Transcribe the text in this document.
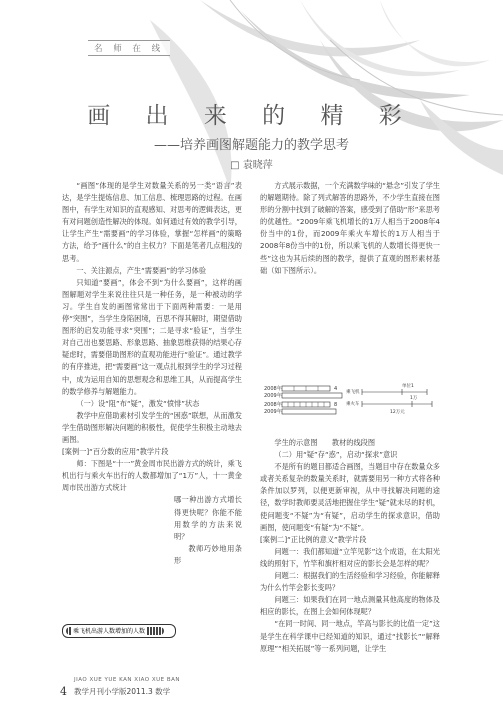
名 师 在 线
画 出 来 的 精 彩
——培养画图解题能力的教学思考
□ 袁晓萍

“画图”体现的是学生对数量关系的另一类“语言”表达，是学生提炼信息、加工信息、梳理思路的过程。在画图中，有学生对知识的直观感知、对思考的逻辑表达，更有对问题创造性解决的体现。如何通过有效的教学引导，让学生产生“需要画”的学习体验，掌握“怎样画”的策略方法，给予“画什么”的自主权力？下面是笔者几点粗浅的思考。

一、关注源点，产生“需要画”的学习体验

只知道“要画”，体会不到“为什么要画”，这样的画图解题对学生来说往往只是一种任务，是一种被动的学习。学生自发的画图常常出于下面两种需要：一是用停“突围”，当学生身陷困境，百思不得其解时，期望借助图形的启发功能寻求“突围”；二是寻求“验证”，当学生对自己出也要思路、形象思路、抽象思维获得的结果心存疑虑时，需要借助图形的直观功能进行“验证”。通过教学的有序推进，把“需要画”这一观点扎根到学生的学习过程中，成为运用自知的思想观念和思维工具，从而提高学生的数学修养与解题能力。

（一）设“阻”布“疑”，激发“愤悱”状态

教学中应借助素材引发学生的“困惑”联想，从而激发学生借助图形解决问题的积极性，促使学生积极主动地去画图。

[案例一]“百分数的应用”教学片段

师：下图是“十一”黄金周市民出游方式的统计，乘飞机出行与乘火车出行的人数都增加了“1万”人，十一黄金周市民出游方式统计

哪一种出游方式增长得更快呢？你能不能用数学的方法来说明？

教师巧妙地用条形

乘飞机出游人数增加的人数

方式展示数据，一个充满数学味的“悬念”引发了学生的解题期待。除了列式解答的思路外，不少学生直接在图形的分割中找到了破解的答案，感受到了借助“形”来思考的优越性。“2009年乘飞机增长的1万人相当于2008年4份当中的1份，而2009年乘火车增长的1万人相当于2008年8份当中的1份，所以乘飞机的人数增长得更快一些”这也为其后续的图的教学，提供了直观的图形素材基础（如下图所示）。

2008年
2009年
2008年
2009年
4
8
乘飞机
乘火车
单位1
1万
12万元

学生的示意图　　教材的线段图

（二）用“疑”存“惑”，启动“探求”意识

不是所有的题目都适合画图，当题目中存在数量众多或者关系复杂的数量关系时，就需要用另一种方式将各种条件加以罗列，以便更新审视，从中寻找解决问题的途径，数学时教师要灵活地把握住学生“疑”就未尽的时机，使问题变“不疑”为“有疑”，启动学生的探求意识，借助画图，使问题变“有疑”为“不疑”。

[案例二]“正比例的意义”教学片段

问题一：我们都知道“立竿见影”这个成语，在太阳光线的照射下，竹竿和旗杆相对应的影长会是怎样的呢？

问题二：根据我们的生活经验和学习经验，你能解释为什么竹竿会影长变吗？

问题三：如果我们在同一地点测量其他高度的物体及相应的影长，在图上会如何体现呢？

“在同一时间、同一地点，竿高与影长的比值一定”这是学生在科学课中已经知道的知识，通过“找影长”“解释原理”“相关拓展”等一系列问题，让学生

4
JIAO XUE YUE KAN XIAO XUE BAN
教学月刊小学版2011.3 数学
